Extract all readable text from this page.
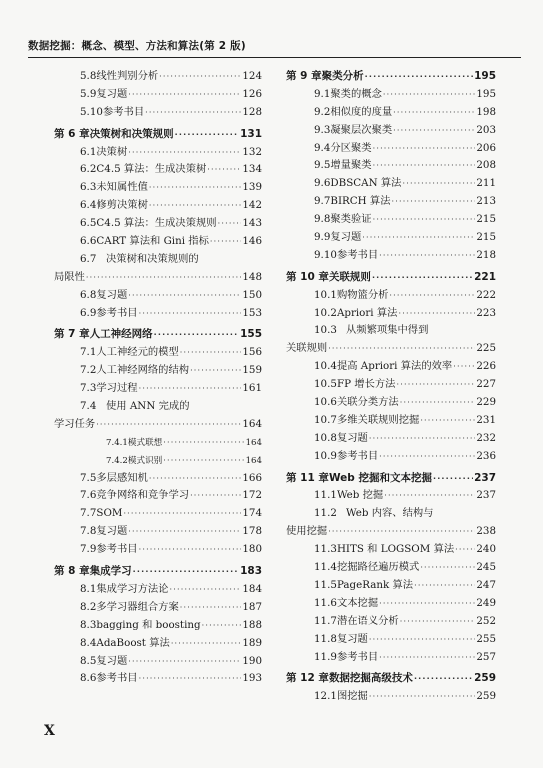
数据挖掘：概念、模型、方法和算法(第 2 版)
5.8 线性判别分析 ·····	124
5.9 复习题 ·····	126
5.10 参考书目 ·····	128
第 6 章 决策树和决策规则 ·····	131
6.1 决策树 ·····	132
6.2 C4.5 算法：生成决策树 ·····	134
6.3 未知属性值 ·····	139
6.4 修剪决策树 ·····	142
6.5 C4.5 算法：生成决策规则 ·····	143
6.6 CART 算法和 Gini 指标 ·····	146
6.7 决策树和决策规则的
局限性 ·····	148
6.8 复习题 ·····	150
6.9 参考书目 ·····	153
第 7 章 人工神经网络 ·····	155
7.1 人工神经元的模型 ·····	156
7.2 人工神经网络的结构 ·····	159
7.3 学习过程 ·····	161
7.4 使用 ANN 完成的
学习任务 ·····	164
7.4.1 模式联想 ·····	164
7.4.2 模式识别 ·····	164
7.5 多层感知机 ·····	166
7.6 竞争网络和竞争学习 ·····	172
7.7 SOM ·····	174
7.8 复习题 ·····	178
7.9 参考书目 ·····	180
第 8 章 集成学习 ·····	183
8.1 集成学习方法论 ·····	184
8.2 多学习器组合方案 ·····	187
8.3 bagging 和 boosting ·····	188
8.4 AdaBoost 算法 ·····	189
8.5 复习题 ·····	190
8.6 参考书目 ·····	193
第 9 章 聚类分析 ·····	195
9.1 聚类的概念 ·····	195
9.2 相似度的度量 ·····	198
9.3 凝聚层次聚类 ·····	203
9.4 分区聚类 ·····	206
9.5 增量聚类 ·····	208
9.6 DBSCAN 算法 ·····	211
9.7 BIRCH 算法 ·····	213
9.8 聚类验证 ·····	215
9.9 复习题 ·····	215
9.10 参考书目 ·····	218
第 10 章 关联规则 ·····	221
10.1 购物篮分析 ·····	222
10.2 Apriori 算法 ·····	223
10.3 从频繁项集中得到
关联规则 ·····	225
10.4 提高 Apriori 算法的效率 ····· 226
10.5 FP 增长方法 ·····	227
10.6 关联分类方法 ·····	229
10.7 多维关联规则挖掘 ·····	231
10.8 复习题 ·····	232
10.9 参考书目 ·····	236
第 11 章 Web 挖掘和文本挖掘 ·····	237
11.1 Web 挖掘 ·····	237
11.2 Web 内容、结构与
使用挖掘 ·····	238
11.3 HITS 和 LOGSOM 算法 ····· 240
11.4 挖掘路径遍历模式 ·····	245
11.5 PageRank 算法 ·····	247
11.6 文本挖掘 ·····	249
11.7 潜在语义分析 ·····	252
11.8 复习题 ·····	255
11.9 参考书目 ·····	257
第 12 章 数据挖掘高级技术 ·····	259
12.1 图挖掘 ·····	259
X
